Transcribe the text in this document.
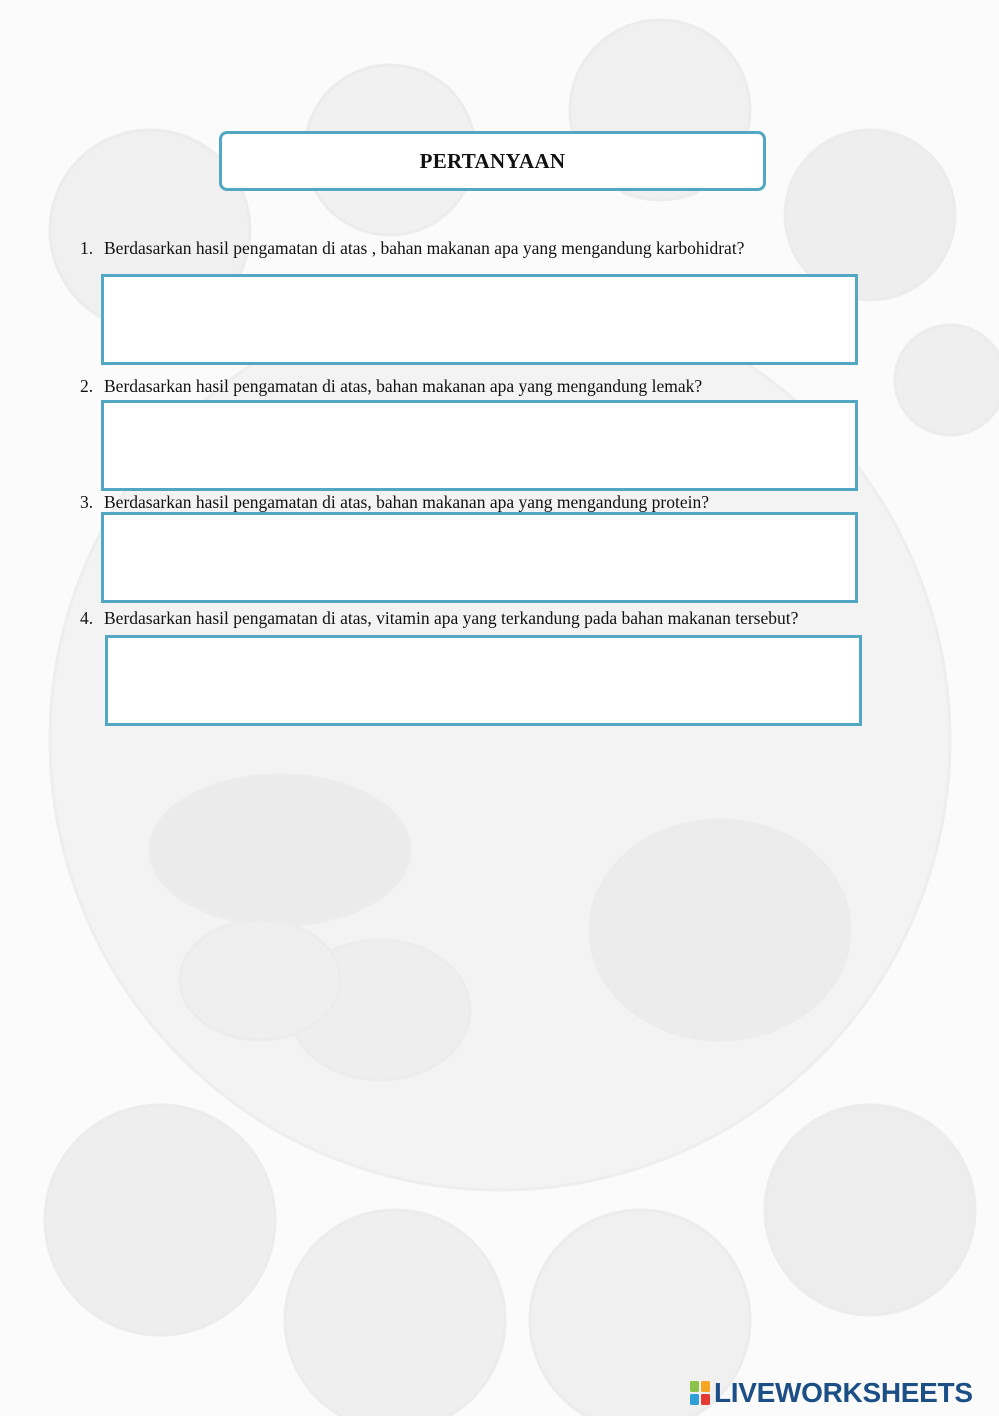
PERTANYAAN
1. Berdasarkan hasil pengamatan di atas , bahan makanan apa yang mengandung karbohidrat?
2. Berdasarkan hasil pengamatan di atas, bahan makanan apa yang mengandung lemak?
3. Berdasarkan hasil pengamatan di atas, bahan makanan apa yang mengandung protein?
4. Berdasarkan hasil pengamatan di atas, vitamin apa yang terkandung pada bahan makanan tersebut?
LIVEWORKSHEETS
